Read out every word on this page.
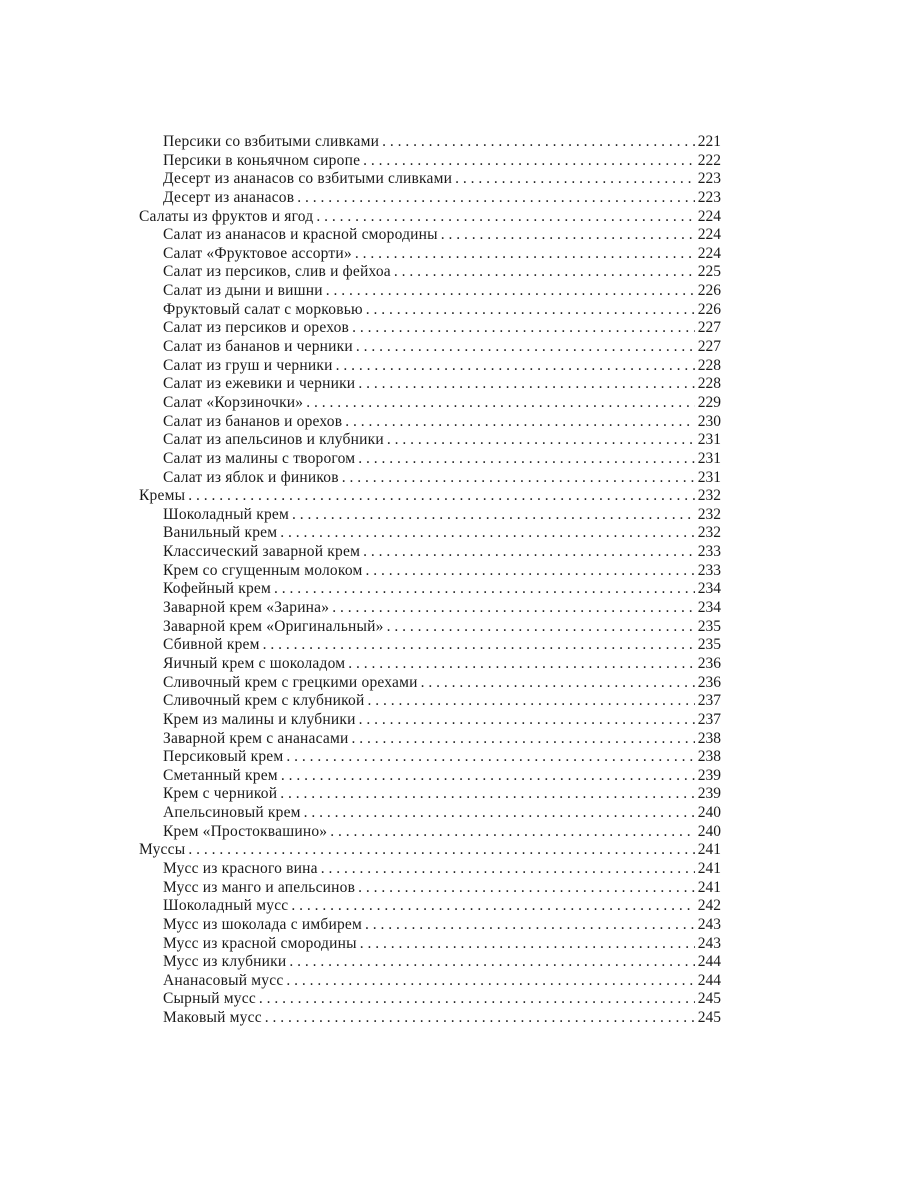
Персики со взбитыми сливками . . .	221
Персики в коньячном сиропе . . .	222
Десерт из ананасов со взбитыми сливками . . .	223
Десерт из ананасов . . .	223
Салаты из фруктов и ягод . . .	224
Салат из ананасов и красной смородины . . .	224
Салат «Фруктовое ассорти» . . .	224
Салат из персиков, слив и фейхоа . . .	225
Салат из дыни и вишни . . .	226
Фруктовый салат с морковью . . .	226
Салат из персиков и орехов . . .	227
Салат из бананов и черники . . .	227
Салат из груш и черники . . .	228
Салат из ежевики и черники . . .	228
Салат «Корзиночки» . . .	229
Салат из бананов и орехов . . .	230
Салат из апельсинов и клубники . . .	231
Салат из малины с творогом . . .	231
Салат из яблок и фиников . . .	231
Кремы . . .	232
Шоколадный крем . . .	232
Ванильный крем . . .	232
Классический заварной крем . . .	233
Крем со сгущенным молоком . . .	233
Кофейный крем . . .	234
Заварной крем «Зарина» . . .	234
Заварной крем «Оригинальный» . . .	235
Сбивной крем . . .	235
Яичный крем с шоколадом . . .	236
Сливочный крем с грецкими орехами . . .	236
Сливочный крем с клубникой . . .	237
Крем из малины и клубники . . .	237
Заварной крем с ананасами . . .	238
Персиковый крем . . .	238
Сметанный крем . . .	239
Крем с черникой . . .	239
Апельсиновый крем . . .	240
Крем «Простоквашино» . . .	240
Муссы . . .	241
Мусс из красного вина . . .	241
Мусс из манго и апельсинов . . .	241
Шоколадный мусс . . .	242
Мусс из шоколада с имбирем . . .	243
Мусс из красной смородины . . .	243
Мусс из клубники . . .	244
Ананасовый мусс . . .	244
Сырный мусс . . .	245
Маковый мусс . . .	245
